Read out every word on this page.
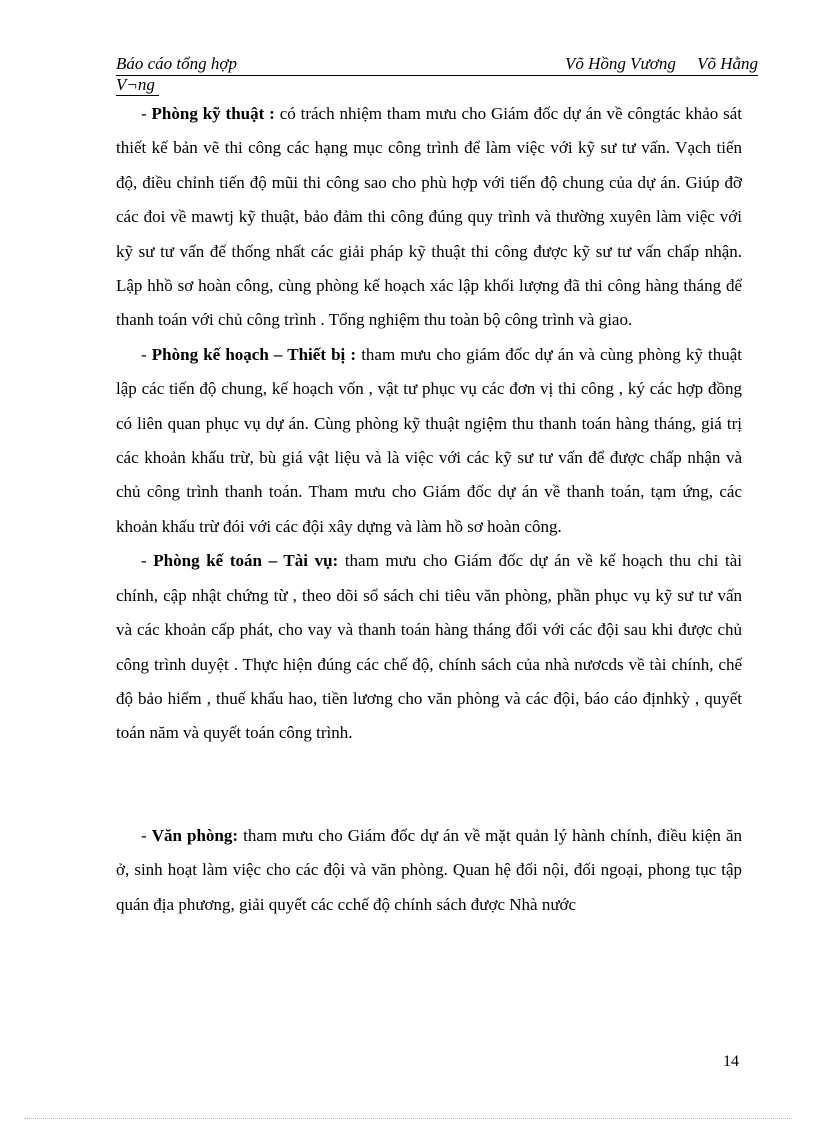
Báo cáo tổng hợp	Võ Hồng Vương     Võ Hằng
V¬ng

- Phòng kỹ thuật : có trách nhiệm tham mưu cho Giám đốc dự án về côngtác khảo sát thiết kế bản vẽ thi công các hạng mục công trình để làm việc với kỹ sư tư vấn. Vạch tiến độ, điều chỉnh tiến độ mũi thi công sao cho phù hợp với tiến độ chung của dự án. Giúp đỡ các đoi về mawtj kỹ thuật, bảo đảm thi công đúng quy trình và thường xuyên làm việc với kỹ sư tư vấn để thống nhất các giải pháp kỹ thuật thi công được kỹ sư tư vấn chấp nhận. Lập hhồ sơ hoàn công, cùng phòng kế hoạch xác lập khối lượng đã thi công hàng tháng để thanh toán với chủ công trình . Tổng nghiệm thu toàn bộ công trình và giao.

- Phòng kế hoạch – Thiết bị : tham mưu cho giám đốc dự án và cùng phòng kỹ thuật lập các tiến độ chung, kế hoạch vốn , vật tư phục vụ các đơn vị thi công , ký các hợp đồng có liên quan phục vụ dự án. Cùng phòng kỹ thuật ngiệm thu thanh toán hàng tháng, giá trị các khoản khấu trừ, bù giá vật liệu và là việc với các kỹ sư tư vấn để được chấp nhận và chủ công trình thanh toán. Tham mưu cho Giám đốc dự án về thanh toán, tạm ứng, các khoản khấu trừ đói với các đội xây dựng và làm hồ sơ hoàn công.

- Phòng kế toán – Tài vụ: tham mưu cho Giám đốc dự án về kế hoạch thu chi tài chính, cập nhật chứng từ , theo dõi sổ sách chi tiêu văn phòng, phần phục vụ kỹ sư tư vấn và các khoản cấp phát, cho vay và thanh toán hàng tháng đối với các đội sau khi được chủ công trình duyệt . Thực hiện đúng các chế độ, chính sách của nhà nươcds về tài chính, chế độ bảo hiểm , thuế khấu hao, tiền lương cho văn phòng và các đội, báo cáo địnhkỳ , quyết toán năm và quyết toán công trình.

- Văn phòng: tham mưu cho Giám đốc dự án về mặt quản lý hành chính, điều kiện ăn ở, sinh hoạt làm việc cho các đội và văn phòng. Quan hệ đối nội, đối ngoại, phong tục tập quán địa phương, giải quyết các cchế độ chính sách được Nhà nước

14
